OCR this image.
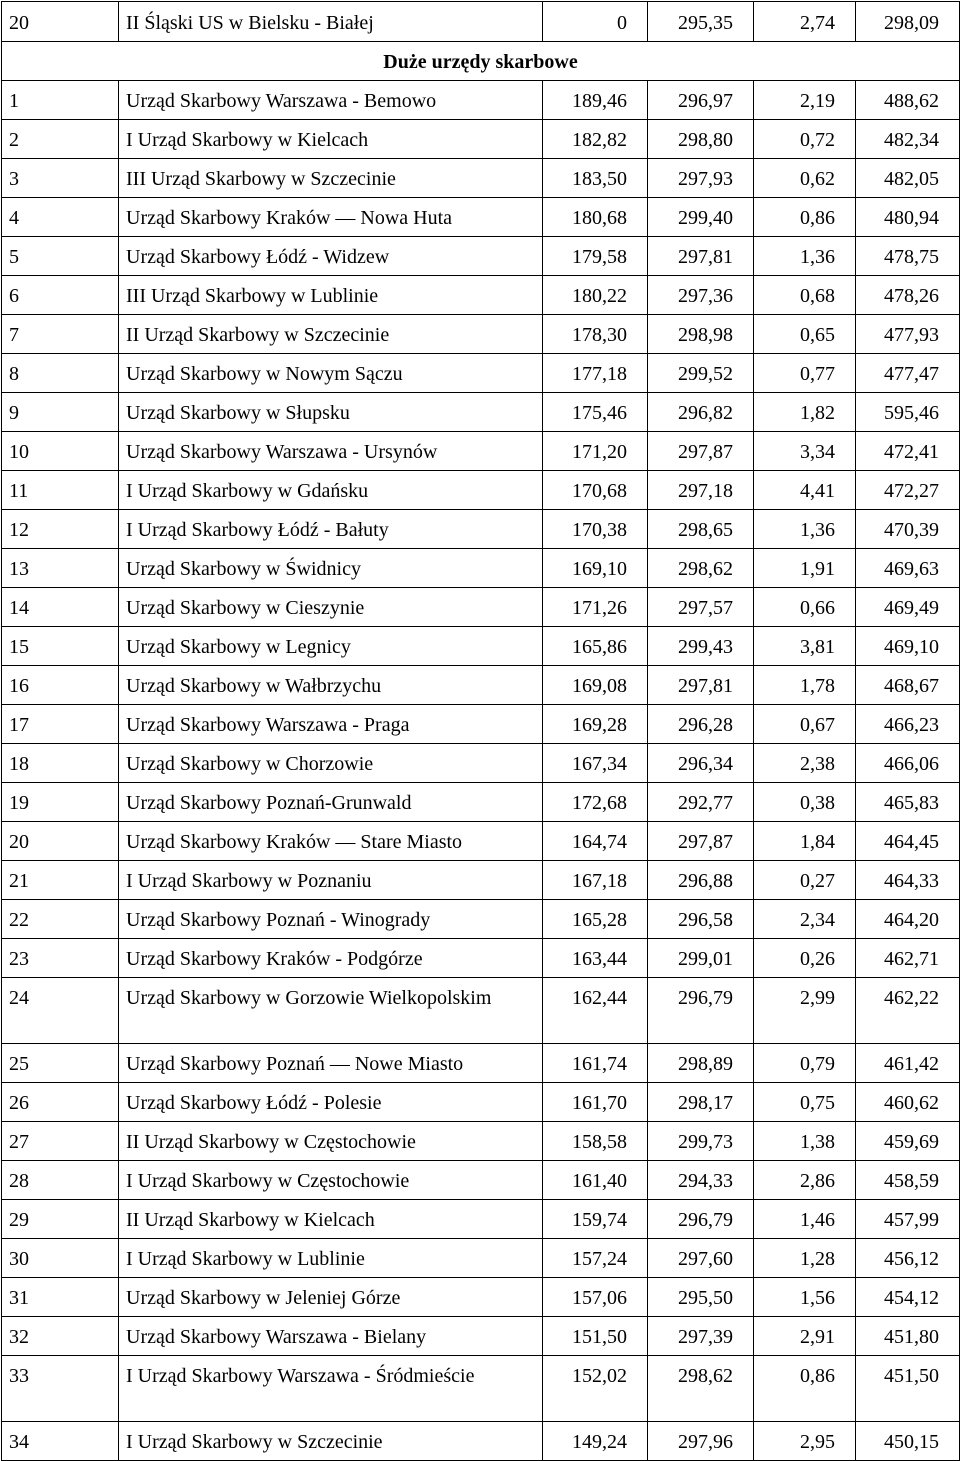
20	II Śląski US w Bielsku - Białej	0	295,35	2,74	298,09
Duże urzędy skarbowe					
1	Urząd Skarbowy Warszawa - Bemowo	189,46	296,97	2,19	488,62
2	I Urząd Skarbowy w Kielcach	182,82	298,80	0,72	482,34
3	III Urząd Skarbowy w Szczecinie	183,50	297,93	0,62	482,05
4	Urząd Skarbowy Kraków — Nowa Huta	180,68	299,40	0,86	480,94
5	Urząd Skarbowy Łódź - Widzew	179,58	297,81	1,36	478,75
6	III Urząd Skarbowy w Lublinie	180,22	297,36	0,68	478,26
7	II Urząd Skarbowy w Szczecinie	178,30	298,98	0,65	477,93
8	Urząd Skarbowy w Nowym Sączu	177,18	299,52	0,77	477,47
9	Urząd Skarbowy w Słupsku	175,46	296,82	1,82	595,46
10	Urząd Skarbowy Warszawa - Ursynów	171,20	297,87	3,34	472,41
11	I Urząd Skarbowy w Gdańsku	170,68	297,18	4,41	472,27
12	I Urząd Skarbowy Łódź - Bałuty	170,38	298,65	1,36	470,39
13	Urząd Skarbowy w Świdnicy	169,10	298,62	1,91	469,63
14	Urząd Skarbowy w Cieszynie	171,26	297,57	0,66	469,49
15	Urząd Skarbowy w Legnicy	165,86	299,43	3,81	469,10
16	Urząd Skarbowy w Wałbrzychu	169,08	297,81	1,78	468,67
17	Urząd Skarbowy Warszawa - Praga	169,28	296,28	0,67	466,23
18	Urząd Skarbowy w Chorzowie	167,34	296,34	2,38	466,06
19	Urząd Skarbowy Poznań-Grunwald	172,68	292,77	0,38	465,83
20	Urząd Skarbowy Kraków — Stare Miasto	164,74	297,87	1,84	464,45
21	I Urząd Skarbowy w Poznaniu	167,18	296,88	0,27	464,33
22	Urząd Skarbowy Poznań - Winogrady	165,28	296,58	2,34	464,20
23	Urząd Skarbowy Kraków - Podgórze	163,44	299,01	0,26	462,71
24	Urząd Skarbowy w Gorzowie Wielkopolskim	162,44	296,79	2,99	462,22
25	Urząd Skarbowy Poznań — Nowe Miasto	161,74	298,89	0,79	461,42
26	Urząd Skarbowy Łódź - Polesie	161,70	298,17	0,75	460,62
27	II Urząd Skarbowy w Częstochowie	158,58	299,73	1,38	459,69
28	I Urząd Skarbowy w Częstochowie	161,40	294,33	2,86	458,59
29	II Urząd Skarbowy w Kielcach	159,74	296,79	1,46	457,99
30	I Urząd Skarbowy w Lublinie	157,24	297,60	1,28	456,12
31	Urząd Skarbowy w Jeleniej Górze	157,06	295,50	1,56	454,12
32	Urząd Skarbowy Warszawa - Bielany	151,50	297,39	2,91	451,80
33	I Urząd Skarbowy Warszawa - Śródmieście	152,02	298,62	0,86	451,50
34	I Urząd Skarbowy w Szczecinie	149,24	297,96	2,95	450,15
